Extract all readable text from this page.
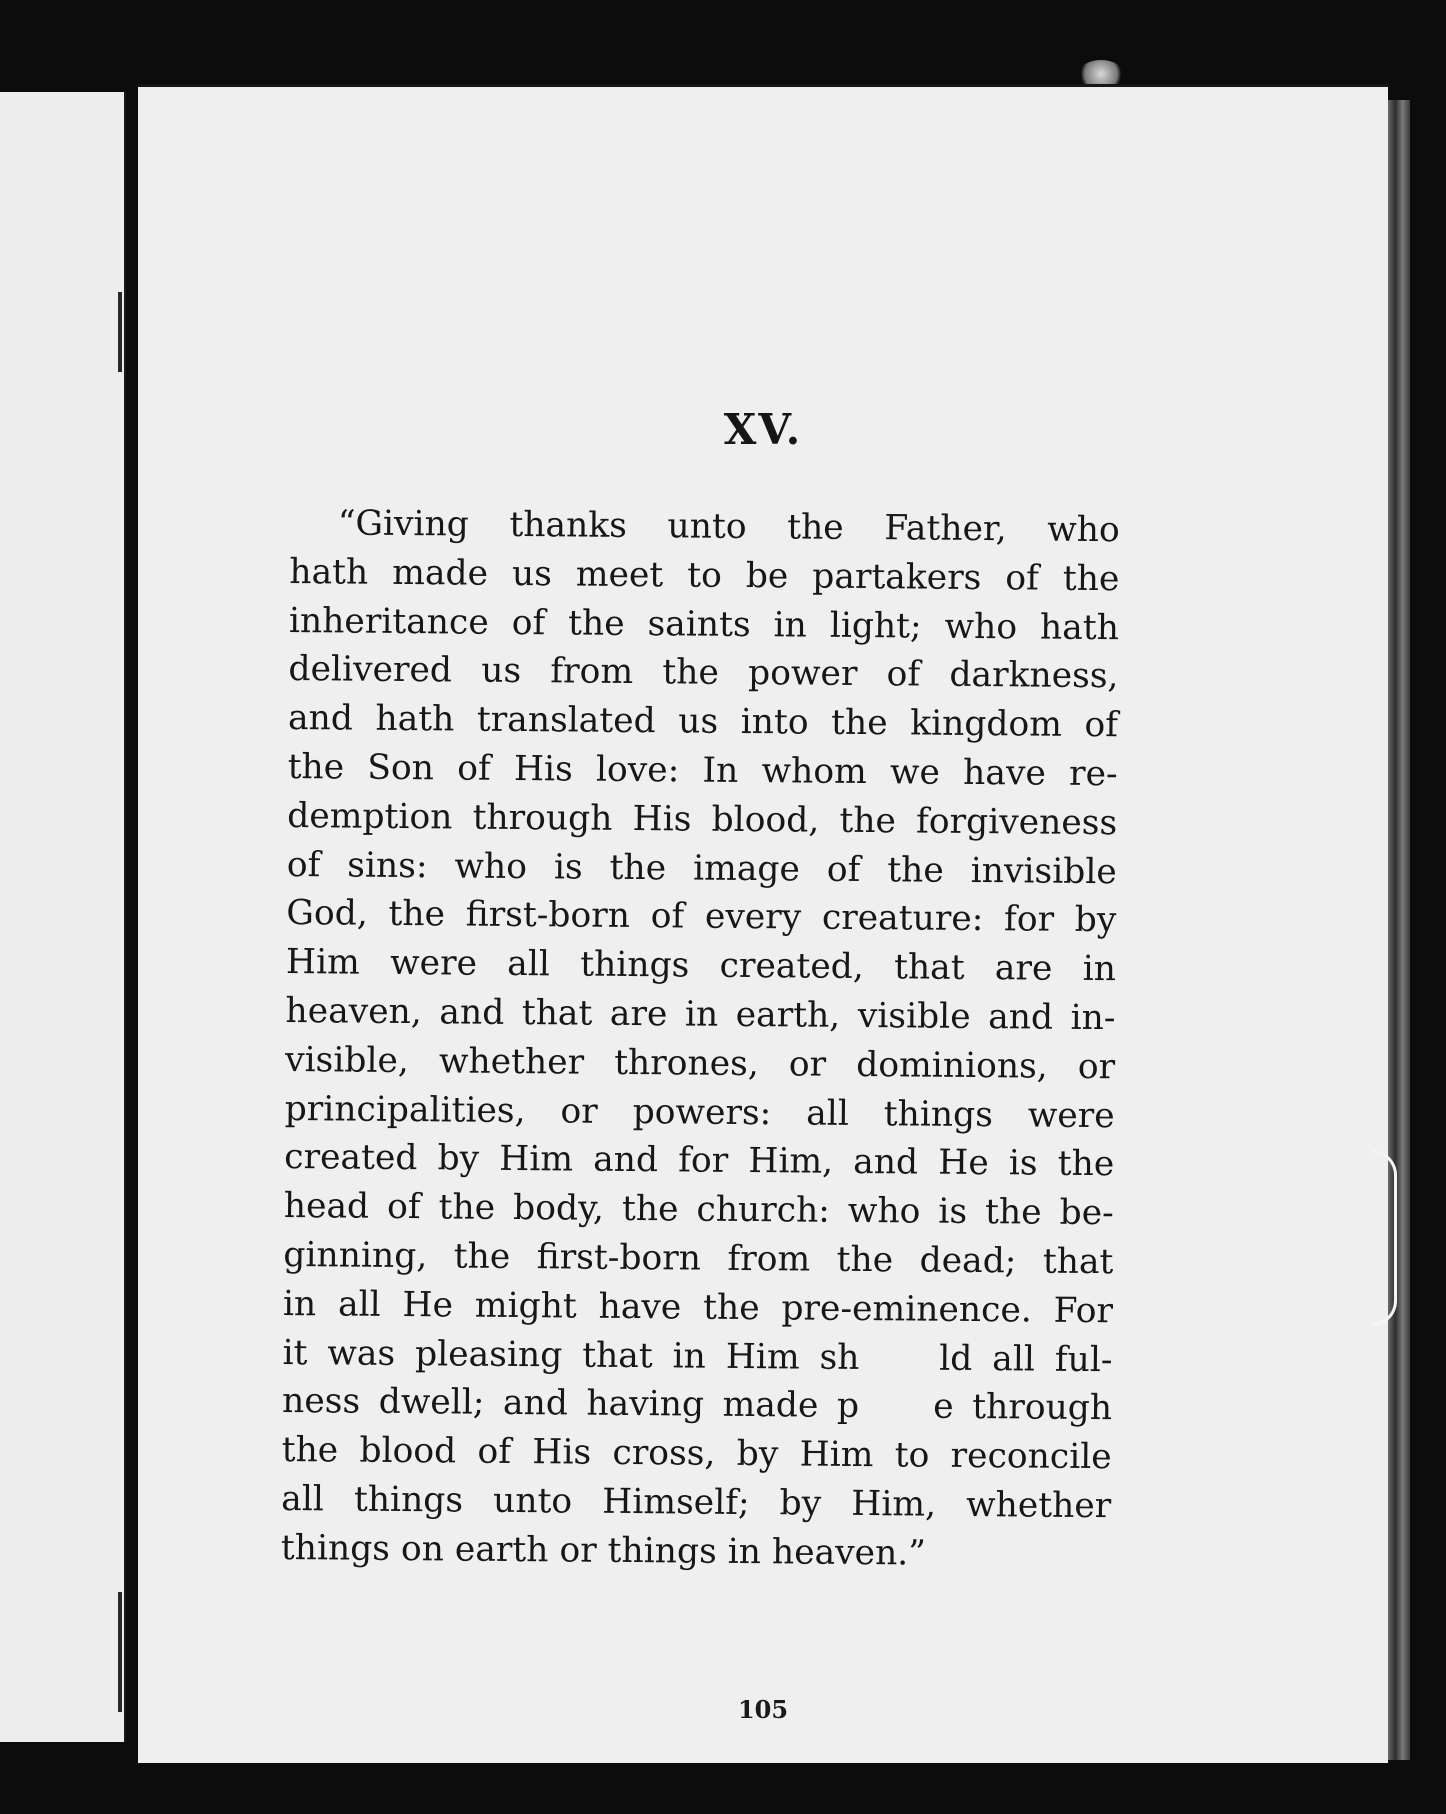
XV.
“Giving thanks unto the Father, who
hath made us meet to be partakers of the
inheritance of the saints in light; who hath
delivered us from the power of darkness,
and hath translated us into the kingdom of
the Son of His love: In whom we have re-
demption through His blood, the forgiveness
of sins: who is the image of the invisible
God, the first-born of every creature: for by
Him were all things created, that are in
heaven, and that are in earth, visible and in-
visible, whether thrones, or dominions, or
principalities, or powers: all things were
created by Him and for Him, and He is the
head of the body, the church: who is the be-
ginning, the first-born from the dead; that
in all He might have the pre-eminence. For
it was pleasing that in Him sh    ld all ful-
ness dwell; and having made p    e through
the blood of His cross, by Him to reconcile
all things unto Himself; by Him, whether
things on earth or things in heaven.”
105
